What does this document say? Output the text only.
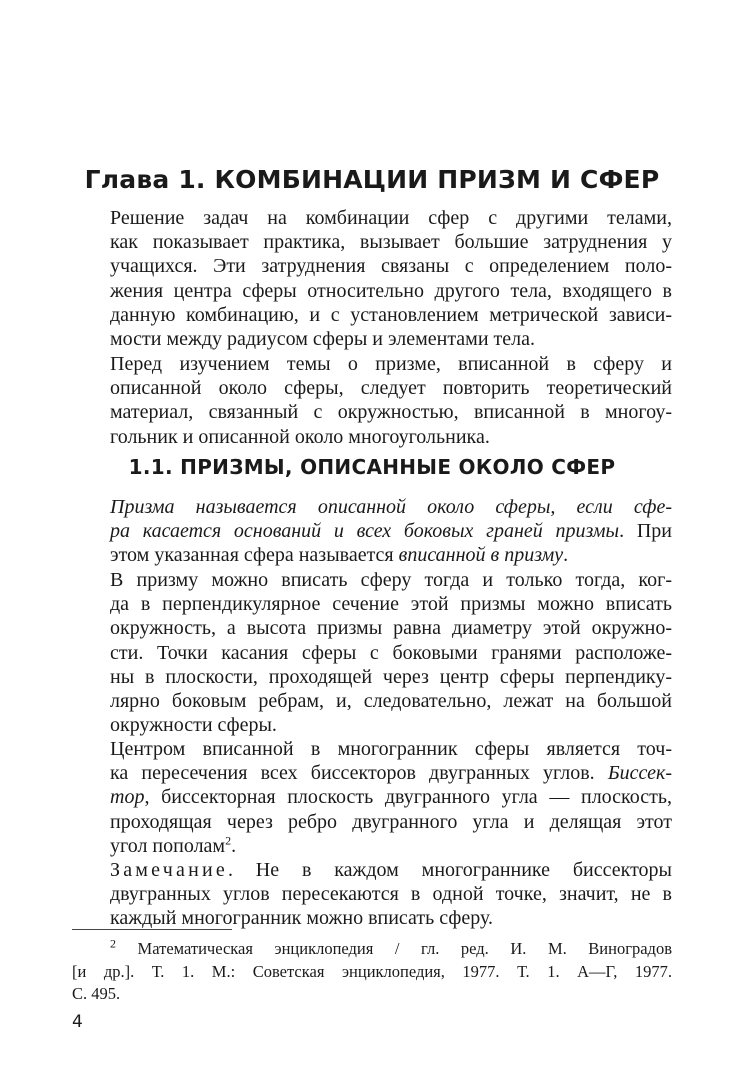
Глава 1. КОМБИНАЦИИ ПРИЗМ И СФЕР

Решение задач на комбинации сфер с другими телами,
как показывает практика, вызывает большие затруднения у
учащихся. Эти затруднения связаны с определением поло-
жения центра сферы относительно другого тела, входящего в
данную комбинацию, и с установлением метрической зависи-
мости между радиусом сферы и элементами тела.

Перед изучением темы о призме, вписанной в сферу и
описанной около сферы, следует повторить теоретический
материал, связанный с окружностью, вписанной в многоу-
гольник и описанной около многоугольника.

1.1. ПРИЗМЫ, ОПИСАННЫЕ ОКОЛО СФЕР

Призма называется описанной около сферы, если сфе-
ра касается оснований и всех боковых граней призмы. При
этом указанная сфера называется вписанной в призму.

В призму можно вписать сферу тогда и только тогда, ког-
да в перпендикулярное сечение этой призмы можно вписать
окружность, а высота призмы равна диаметру этой окружно-
сти. Точки касания сферы с боковыми гранями расположе-
ны в плоскости, проходящей через центр сферы перпендику-
лярно боковым ребрам, и, следовательно, лежат на большой
окружности сферы.

Центром вписанной в многогранник сферы является точ-
ка пересечения всех биссекторов двугранных углов. Биссек-
тор, биссекторная плоскость двугранного угла — плоскость,
проходящая через ребро двугранного угла и делящая этот
угол пополам$^2$.

Замечание. Не в каждом многограннике биссекторы
двугранных углов пересекаются в одной точке, значит, не в
каждый многогранник можно вписать сферу.

$^2$ Математическая энциклопедия / гл. ред. И. М. Виноградов
[и др.]. Т. 1. М.: Советская энциклопедия, 1977. Т. 1. А—Г, 1977.
С. 495.

4
